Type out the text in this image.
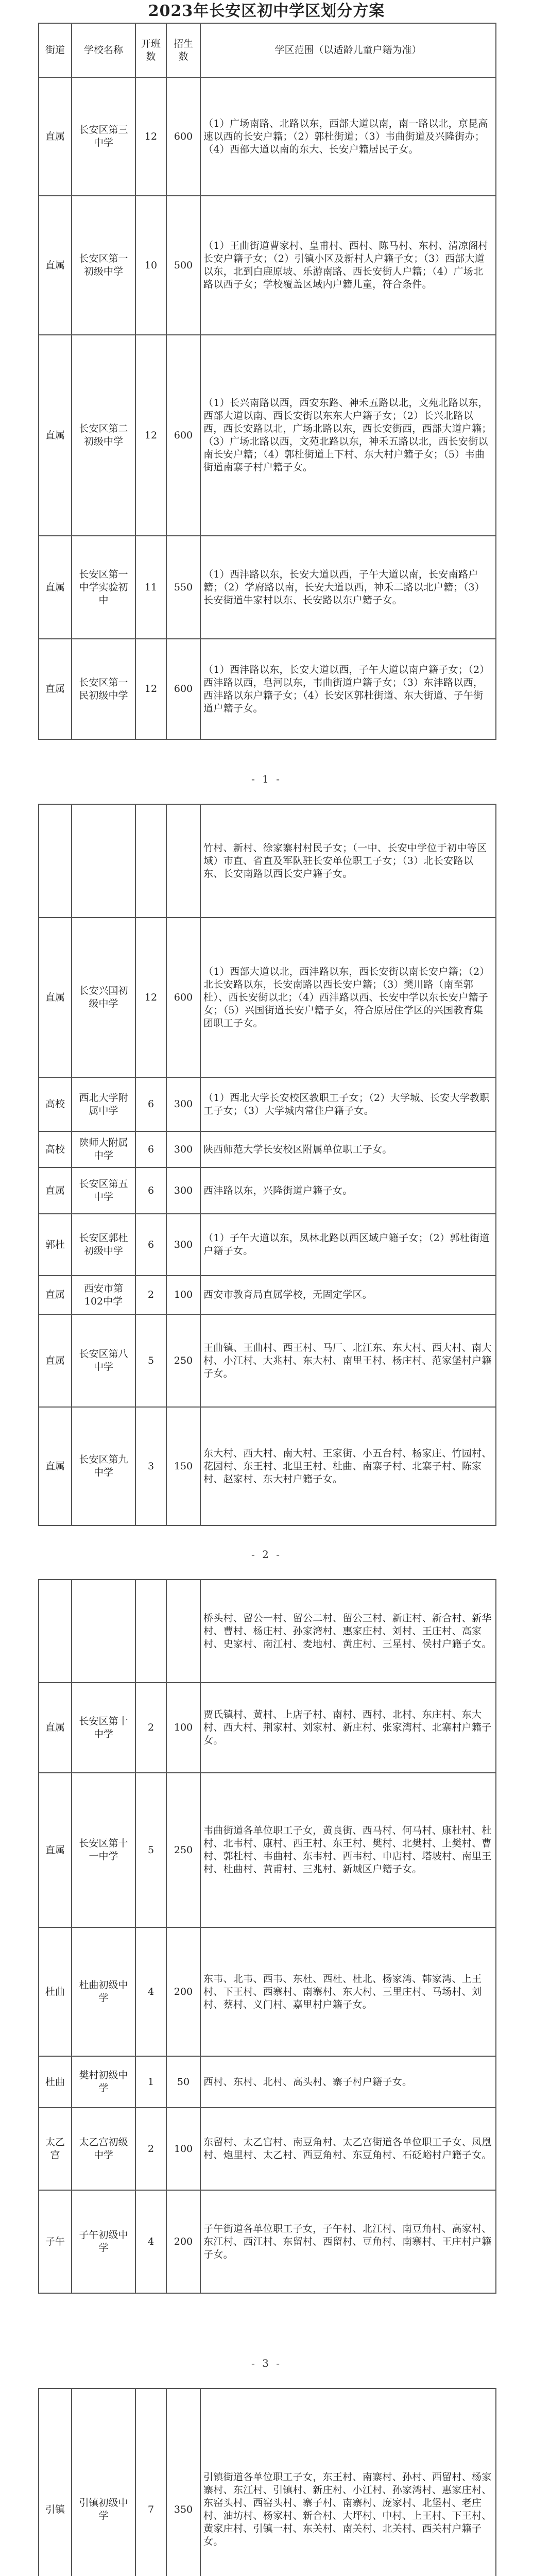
2023年长安区初中学区划分方案
街道	学校名称	开班数	招生数	学区范围（以适龄儿童户籍为准）
直属	长安区第三中学	12	600	（1）广场南路、北路以东，西部大道以南，南一路以北，京昆高速以西的长安户籍；（2）郭杜街道；（3）韦曲街道及兴隆街办；（4）西部大道以南的东大、长安户籍居民子女。
直属	长安区第一初级中学	10	500	（1）王曲街道曹家村、皇甫村、西村、陈马村、东村、清凉阁村长安户籍子女；（2）引镇小区及新村人户籍子女；（3）西部大道以东，北到白鹿原坡、乐游南路、西长安街人户籍；（4）广场北路以西子女；学校覆盖区域内户籍儿童，符合条件。
直属	长安区第二初级中学	12	600	（1）长兴南路以西，西安东路、神禾五路以北，文苑北路以东，西部大道以南、西长安街以东东大户籍子女；（2）长兴北路以西，西长安路以北，广场北路以东，西长安街西，西部大道户籍；（3）广场北路以西，文苑北路以东，神禾五路以北，西长安街以南长安户籍；（4）郭杜街道上下村、东大村户籍子女；（5）韦曲街道南寨子村户籍子女。
直属	长安区第一中学实验初中	11	550	（1）西沣路以东，长安大道以西，子午大道以南，长安南路户籍；（2）学府路以南，长安大道以西，神禾二路以北户籍；（3）长安街道牛家村以东、长安路以东户籍子女。
直属	长安区第一民初级中学	12	600	（1）西沣路以东，长安大道以西，子午大道以南户籍子女；（2）西沣路以西，皂河以东，韦曲街道户籍子女；（3）东沣路以西，西沣路以东户籍子女；（4）长安区郭杜街道、东大街道、子午街道户籍子女。
- 1 -
				竹村、新村、徐家寨村村民子女；（一中、长安中学位于初中等区域）市直、省直及军队驻长安单位职工子女；（3）北长安路以东、长安南路以西长安户籍子女。
直属	长安兴国初级中学	12	600	（1）西部大道以北，西沣路以东，西长安街以南长安户籍；（2）北长安路以东，长安南路以西长安户籍；（3）樊川路（南至郭杜）、西长安街以北；（4）西沣路以西、长安中学以东长安户籍子女；（5）兴国街道长安户籍子女，符合原居住学区的兴国教育集团职工子女。
高校	西北大学附属中学	6	300	（1）西北大学长安校区教职工子女；（2）大学城、长安大学教职工子女；（3）大学城内常住户籍子女。
高校	陕师大附属中学	6	300	陕西师范大学长安校区附属单位职工子女。
直属	长安区第五中学	6	300	西沣路以东，兴隆街道户籍子女。
郭杜	长安区郭杜初级中学	6	300	（1）子午大道以东，凤林北路以西区域户籍子女；（2）郭杜街道户籍子女。
直属	西安市第102中学	2	100	西安市教育局直属学校，无固定学区。
直属	长安区第八中学	5	250	王曲镇、王曲村、西王村、马厂、北江东、东大村、西大村、南大村、小江村、大兆村、东大村、南里王村、杨庄村、范家堡村户籍子女。
直属	长安区第九中学	3	150	东大村、西大村、南大村、王家街、小五台村、杨家庄、竹园村、花园村、东王村、北里王村、杜曲、南寨子村、北寨子村、陈家村、赵家村、东大村户籍子女。
- 2 -
				桥头村、留公一村、留公二村、留公三村、新庄村、新合村、新华村、曹村、杨庄村、孙家湾村、惠家庄村、刘村、王庄村、高家村、史家村、南江村、麦地村、黄庄村、三星村、侯村户籍子女。
直属	长安区第十中学	2	100	贾氏镇村、黄村、上店子村、南村、西村、北村、东庄村、东大村、西大村、荆家村、刘家村、新庄村、张家湾村、北寨村户籍子女。
直属	长安区第十一中学	5	250	韦曲街道各单位职工子女，黄良街、西马村、何马村、康杜村、杜村、北韦村、康村、西王村、东王村、樊村、北樊村、上樊村、曹村、郭杜村、韦曲村、东韦村、西韦村、申店村、塔坡村、南里王村、杜曲村、黄甫村、三兆村、新城区户籍子女。
杜曲	杜曲初级中学	4	200	东韦、北韦、西韦、东杜、西杜、杜北、杨家湾、韩家湾、上王村、下王村、西寨村、南寨村、东大村、三里庄村、马场村、刘村、蔡村、义门村、嘉里村户籍子女。
杜曲	樊村初级中学	1	50	西村、东村、北村、高头村、寨子村户籍子女。
太乙宫	太乙宫初级中学	2	100	东留村、太乙宫村、南豆角村、太乙宫街道各单位职工子女、凤凰村、炮里村、太乙村、西豆角村、东豆角村、石砭峪村户籍子女。
子午	子午初级中学	4	200	子午街道各单位职工子女，子午村、北江村、南豆角村、高家村、东江村、西江村、东留村、西留村、豆角村、南寨村、王庄村户籍子女。
- 3 -
引镇	引镇初级中学	7	350	引镇街道各单位职工子女，东王村、南寨村、孙村、西留村、杨家寨村、东江村、引镇村、新庄村、小江村、孙家湾村、惠家庄村、东窑头村、西窑头村、寨子村、南寨村、庞家村、北堡村、老庄村、油坊村、杨家村、新合村、大坪村、中村、上王村、下王村、黄家庄村、引镇一村、东关村、南关村、北关村、西关村户籍子女。
